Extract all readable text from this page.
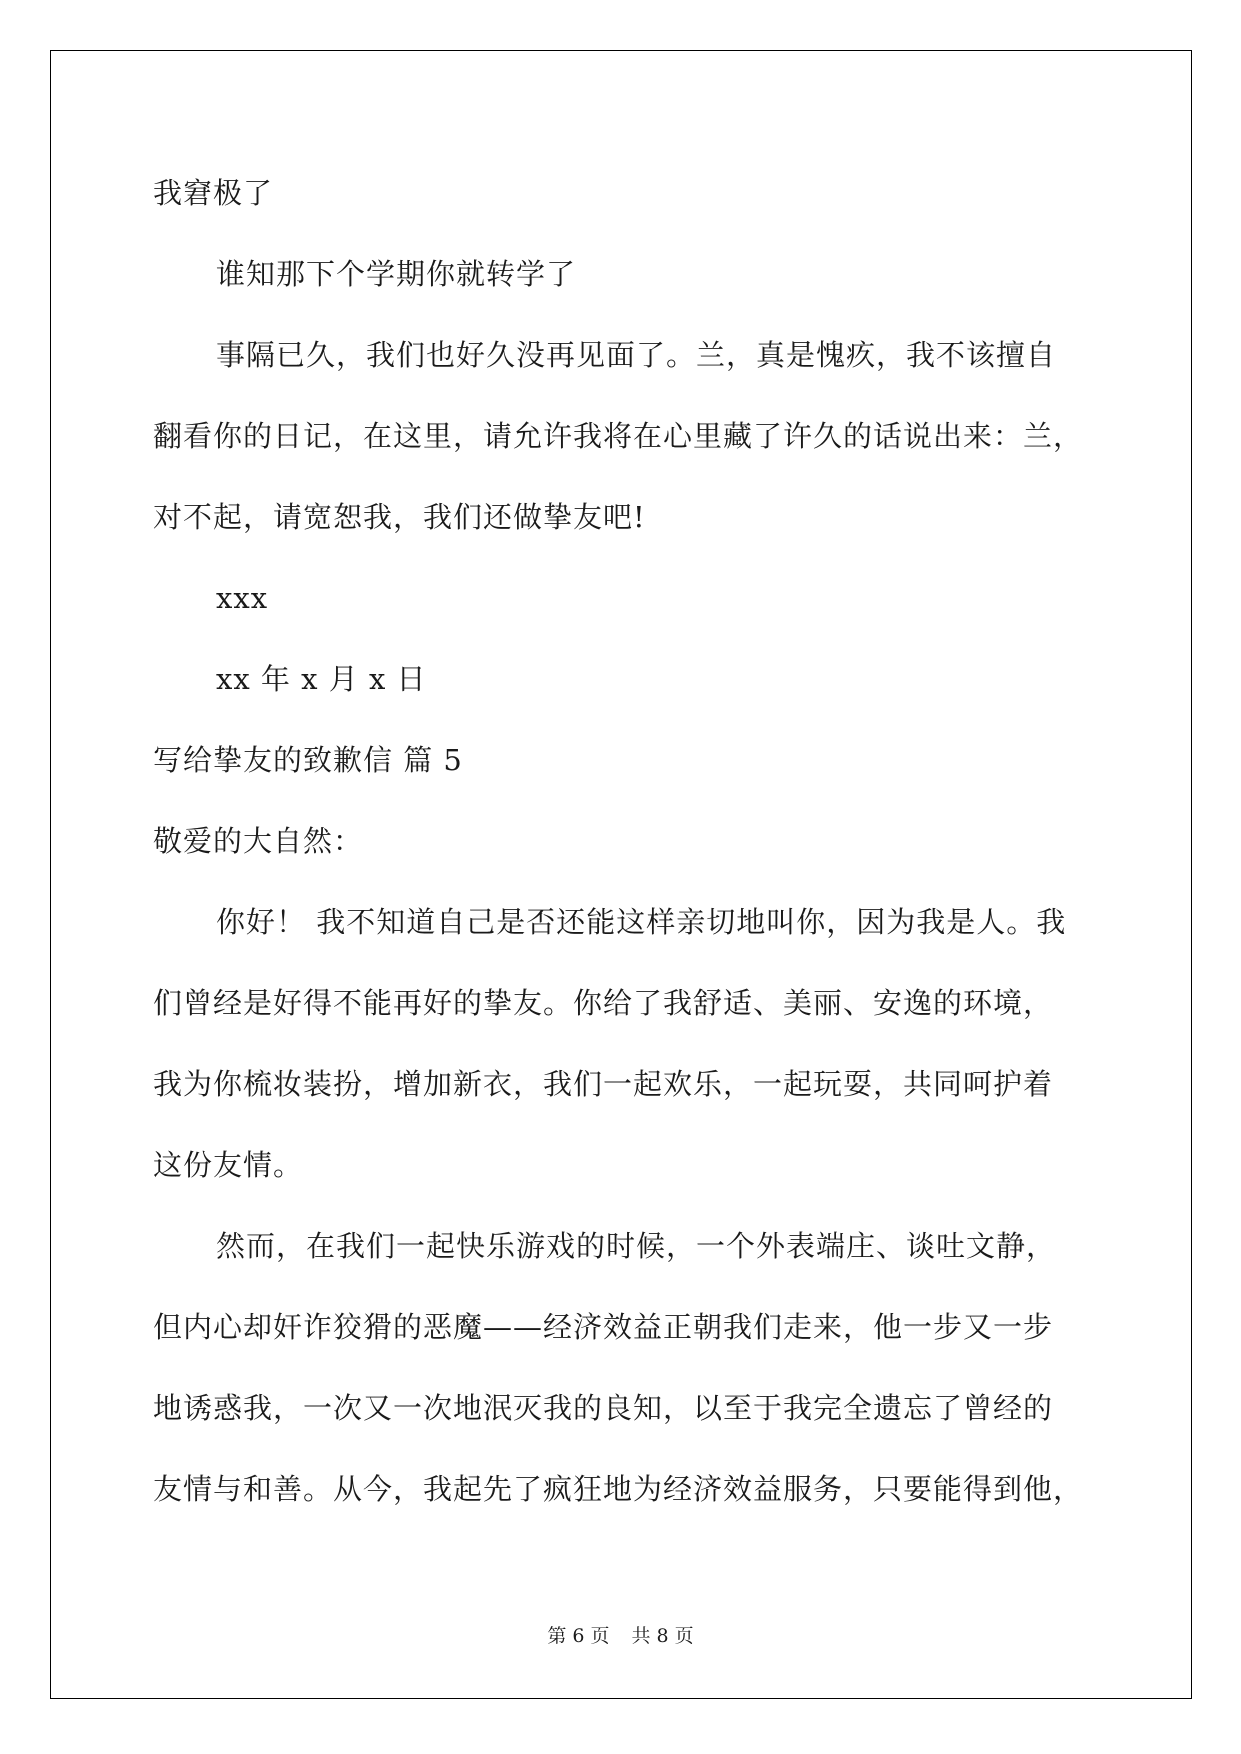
我窘极了
谁知那下个学期你就转学了
事隔已久，我们也好久没再见面了。兰，真是愧疚，我不该擅自
翻看你的日记，在这里，请允许我将在心里藏了许久的话说出来：兰，
对不起，请宽恕我，我们还做挚友吧!
xxx
xx 年 x 月 x 日
写给挚友的致歉信 篇 5
敬爱的大自然：
你好！ 我不知道自己是否还能这样亲切地叫你，因为我是人。我
们曾经是好得不能再好的挚友。你给了我舒适、美丽、安逸的环境，
我为你梳妆装扮，增加新衣，我们一起欢乐，一起玩耍，共同呵护着
这份友情。
然而，在我们一起快乐游戏的时候，一个外表端庄、谈吐文静，
但内心却奸诈狡猾的恶魔——经济效益正朝我们走来，他一步又一步
地诱惑我，一次又一次地泯灭我的良知，以至于我完全遗忘了曾经的
友情与和善。从今，我起先了疯狂地为经济效益服务，只要能得到他，
第 6 页 共 8 页
